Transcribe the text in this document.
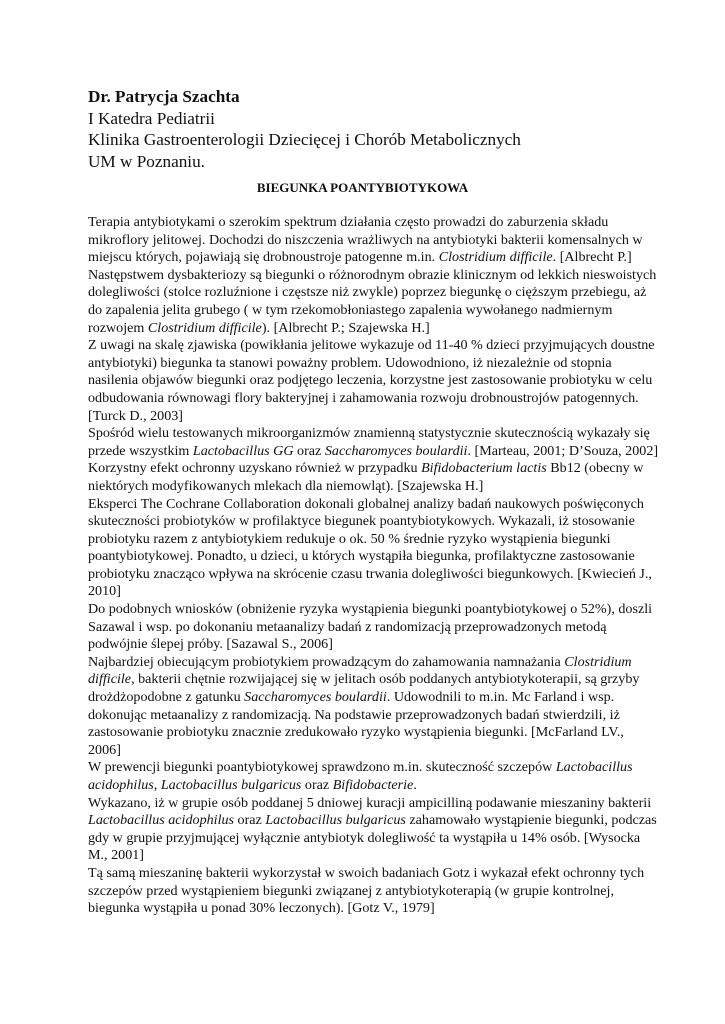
Dr. Patrycja Szachta
I Katedra Pediatrii
Klinika Gastroenterologii Dziecięcej i Chorób Metabolicznych
UM w Poznaniu.
BIEGUNKA POANTYBIOTYKOWA

Terapia antybiotykami o szerokim spektrum działania często prowadzi do zaburzenia składu mikroflory jelitowej. Dochodzi do niszczenia wrażliwych na antybiotyki bakterii komensalnych w miejscu których, pojawiają się drobnoustroje patogenne m.in. Clostridium difficile. [Albrecht P.]

Następstwem dysbakteriozy są biegunki o różnorodnym obrazie klinicznym od lekkich nieswoistych dolegliwości (stolce rozluźnione i częstsze niż zwykle) poprzez biegunkę o cięższym przebiegu, aż do zapalenia jelita grubego ( w tym rzekomobłoniastego zapalenia wywołanego nadmiernym rozwojem Clostridium difficile). [Albrecht P.; Szajewska H.]

Z uwagi na skalę zjawiska (powikłania jelitowe wykazuje od 11-40 % dzieci przyjmujących doustne antybiotyki) biegunka ta stanowi poważny problem. Udowodniono, iż niezależnie od stopnia nasilenia objawów biegunki oraz podjętego leczenia, korzystne jest zastosowanie probiotyku w celu odbudowania równowagi flory bakteryjnej i zahamowania rozwoju drobnoustrojów patogennych. [Turck D., 2003]

Spośród wielu testowanych mikroorganizmów znamienną statystycznie skutecznością wykazały się przede wszystkim Lactobacillus GG oraz Saccharomyces boulardii. [Marteau, 2001; D’Souza, 2002]

Korzystny efekt ochronny uzyskano również w przypadku Bifidobacterium lactis Bb12 (obecny w niektórych modyfikowanych mlekach dla niemowląt). [Szajewska H.]

Eksperci The Cochrane Collaboration dokonali globalnej analizy badań naukowych poświęconych skuteczności probiotyków w profilaktyce biegunek poantybiotykowych. Wykazali, iż stosowanie probiotyku razem z antybiotykiem redukuje o ok. 50 % średnie ryzyko wystąpienia biegunki poantybiotykowej. Ponadto, u dzieci, u których wystąpiła biegunka, profilaktyczne zastosowanie probiotyku znacząco wpływa na skrócenie czasu trwania dolegliwości biegunkowych. [Kwiecień J., 2010]

Do podobnych wniosków (obniżenie ryzyka wystąpienia biegunki poantybiotykowej o 52%), doszli Sazawal i wsp. po dokonaniu metaanalizy badań z randomizacją przeprowadzonych metodą podwójnie ślepej próby. [Sazawal S., 2006]

Najbardziej obiecującym probiotykiem prowadzącym do zahamowania namnażania Clostridium difficile, bakterii chętnie rozwijającej się w jelitach osób poddanych antybiotykoterapii, są grzyby drożdżopodobne z gatunku Saccharomyces boulardii. Udowodnili to m.in. Mc Farland i wsp. dokonując metaanalizy z randomizacją. Na podstawie przeprowadzonych badań stwierdzili, iż zastosowanie probiotyku znacznie zredukowało ryzyko wystąpienia biegunki. [McFarland LV., 2006]

W prewencji biegunki poantybiotykowej sprawdzono m.in. skuteczność szczepów Lactobacillus acidophilus, Lactobacillus bulgaricus oraz Bifidobacterie.

Wykazano, iż w grupie osób poddanej 5 dniowej kuracji ampicilliną podawanie mieszaniny bakterii Lactobacillus acidophilus oraz Lactobacillus bulgaricus zahamowało wystąpienie biegunki, podczas gdy w grupie przyjmującej wyłącznie antybiotyk dolegliwość ta wystąpiła u 14% osób. [Wysocka M., 2001]

Tą samą mieszaninę bakterii wykorzystał w swoich badaniach Gotz i wykazał efekt ochronny tych szczepów przed wystąpieniem biegunki związanej z antybiotykoterapią (w grupie kontrolnej, biegunka wystąpiła u ponad 30% leczonych). [Gotz V., 1979]
